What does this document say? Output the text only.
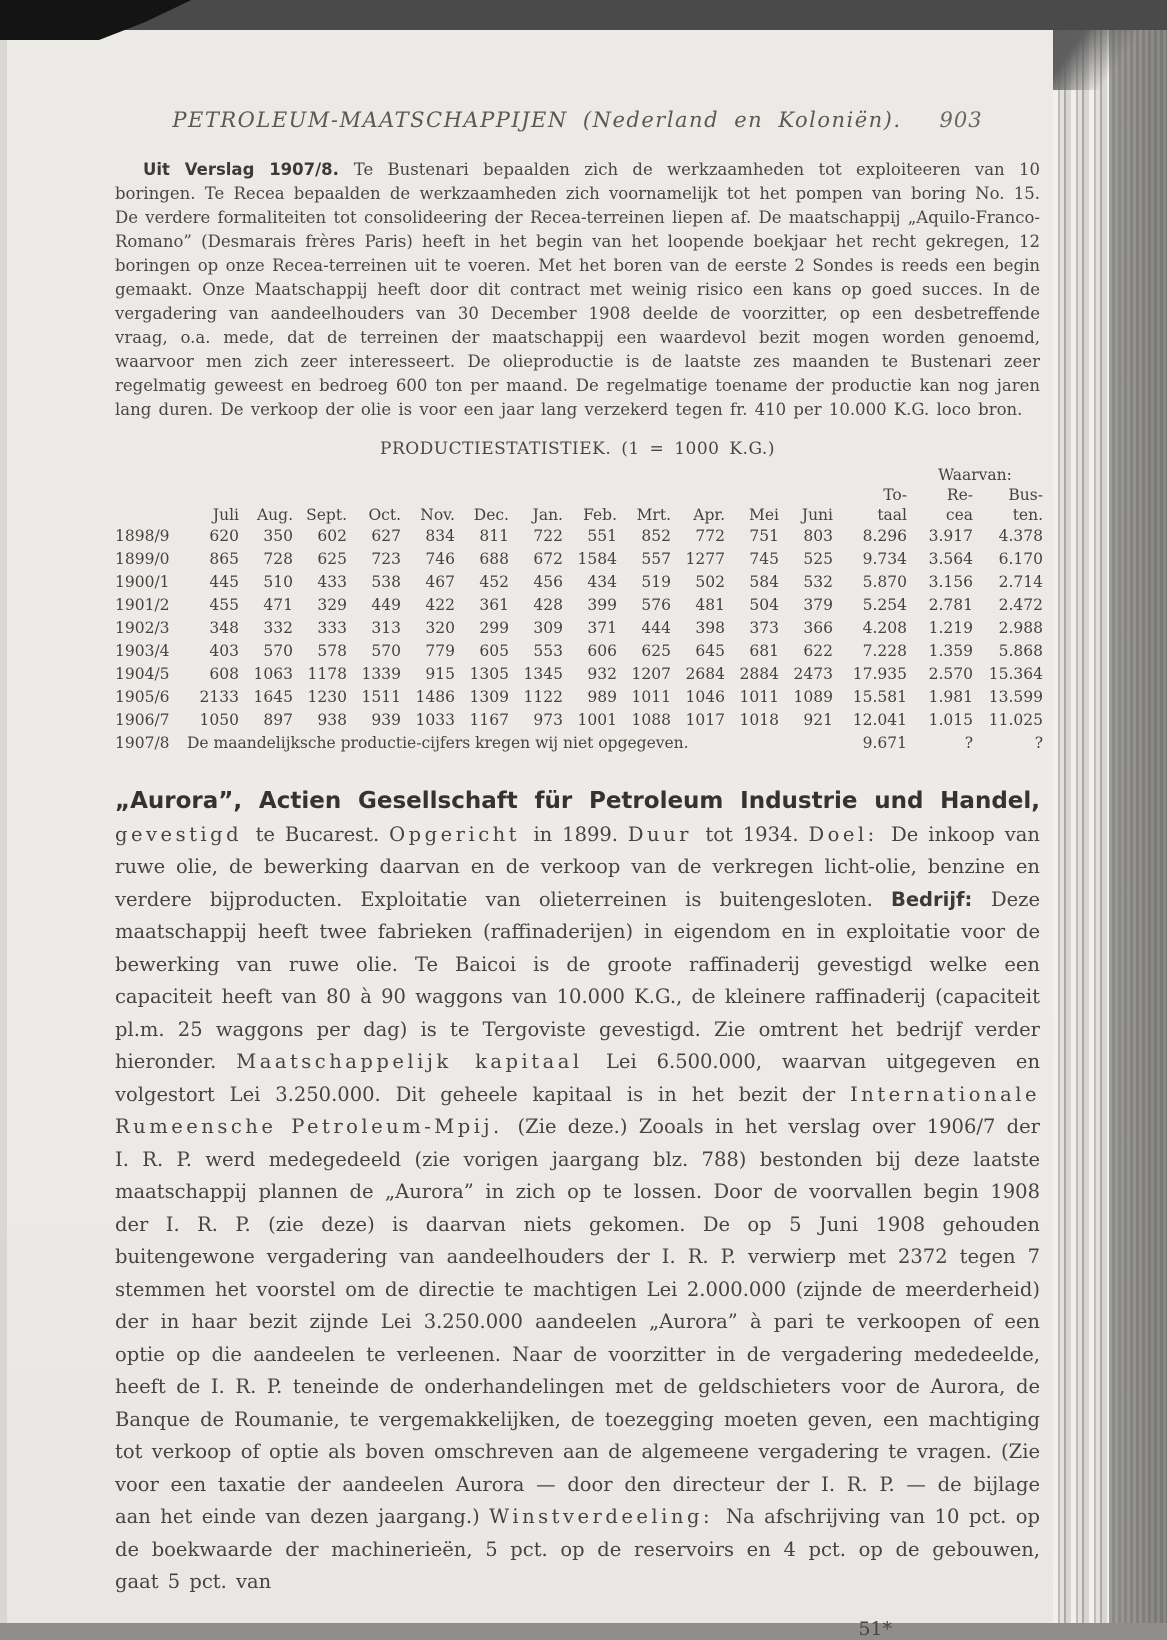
PETROLEUM-MAATSCHAPPIJEN (Nederland en Koloniën). 903

Uit Verslag 1907/8. Te Bustenari bepaalden zich de werkzaamheden tot exploiteeren van 10 boringen. Te Recea bepaalden de werkzaamheden zich voornamelijk tot het pompen van boring No. 15. De verdere formaliteiten tot consolideering der Recea-terreinen liepen af. De maatschappij „Aquilo-Franco-Romano” (Desmarais frères Paris) heeft in het begin van het loopende boekjaar het recht gekregen, 12 boringen op onze Recea-terreinen uit te voeren. Met het boren van de eerste 2 Sondes is reeds een begin gemaakt. Onze Maatschappij heeft door dit contract met weinig risico een kans op goed succes. In de vergadering van aandeelhouders van 30 December 1908 deelde de voorzitter, op een desbetreffende vraag, o.a. mede, dat de terreinen der maatschappij een waardevol bezit mogen worden genoemd, waarvoor men zich zeer interesseert. De olieproductie is de laatste zes maanden te Bustenari zeer regelmatig geweest en bedroeg 600 ton per maand. De regelmatige toename der productie kan nog jaren lang duren. De verkoop der olie is voor een jaar lang verzekerd tegen fr. 410 per 10.000 K.G. loco bron.

PRODUCTIESTATISTIEK. (1 = 1000 K.G.)
														Waarvan:	
													To-	Re-	Bus-
	Juli	Aug.	Sept.	Oct.	Nov.	Dec.	Jan.	Feb.	Mrt.	Apr.	Mei	Juni	taal	cea	ten.
1898/9	620	350	602	627	834	811	722	551	852	772	751	803	8.296	3.917	4.378
1899/0	865	728	625	723	746	688	672	1584	557	1277	745	525	9.734	3.564	6.170
1900/1	445	510	433	538	467	452	456	434	519	502	584	532	5.870	3.156	2.714
1901/2	455	471	329	449	422	361	428	399	576	481	504	379	5.254	2.781	2.472
1902/3	348	332	333	313	320	299	309	371	444	398	373	366	4.208	1.219	2.988
1903/4	403	570	578	570	779	605	553	606	625	645	681	622	7.228	1.359	5.868
1904/5	608	1063	1178	1339	915	1305	1345	932	1207	2684	2884	2473	17.935	2.570	15.364
1905/6	2133	1645	1230	1511	1486	1309	1122	989	1011	1046	1011	1089	15.581	1.981	13.599
1906/7	1050	897	938	939	1033	1167	973	1001	1088	1017	1018	921	12.041	1.015	11.025
1907/8	De maandelijksche productie-cijfers kregen wij niet opgegeven.												9.671	?	?

„Aurora”, Actien Gesellschaft für Petroleum Industrie und Handel, gevestigd te Bucarest. Opgericht in 1899. Duur tot 1934. Doel: De inkoop van ruwe olie, de bewerking daarvan en de verkoop van de verkregen licht-olie, benzine en verdere bijproducten. Exploitatie van olieterreinen is buitengesloten. Bedrijf: Deze maatschappij heeft twee fabrieken (raffinaderijen) in eigendom en in exploitatie voor de bewerking van ruwe olie. Te Baicoi is de groote raffinaderij gevestigd welke een capaciteit heeft van 80 à 90 waggons van 10.000 K.G., de kleinere raffinaderij (capaciteit pl.m. 25 waggons per dag) is te Tergoviste gevestigd. Zie omtrent het bedrijf verder hieronder. Maatschappelijk kapitaal Lei 6.500.000, waarvan uitgegeven en volgestort Lei 3.250.000. Dit geheele kapitaal is in het bezit der Internationale Rumeensche Petroleum-Mpij. (Zie deze.) Zooals in het verslag over 1906/7 der I. R. P. werd medegedeeld (zie vorigen jaargang blz. 788) bestonden bij deze laatste maatschappij plannen de „Aurora” in zich op te lossen. Door de voorvallen begin 1908 der I. R. P. (zie deze) is daarvan niets gekomen. De op 5 Juni 1908 gehouden buitengewone vergadering van aandeelhouders der I. R. P. verwierp met 2372 tegen 7 stemmen het voorstel om de directie te machtigen Lei 2.000.000 (zijnde de meerderheid) der in haar bezit zijnde Lei 3.250.000 aandeelen „Aurora” à pari te verkoopen of een optie op die aandeelen te verleenen. Naar de voorzitter in de vergadering mededeelde, heeft de I. R. P. teneinde de onderhandelingen met de geldschieters voor de Aurora, de Banque de Roumanie, te vergemakkelijken, de toezegging moeten geven, een machtiging tot verkoop of optie als boven omschreven aan de algemeene vergadering te vragen. (Zie voor een taxatie der aandeelen Aurora — door den directeur der I. R. P. — de bijlage aan het einde van dezen jaargang.) Winstverdeeling: Na afschrijving van 10 pct. op de boekwaarde der machinerieën, 5 pct. op de reservoirs en 4 pct. op de gebouwen, gaat 5 pct. van

51*
